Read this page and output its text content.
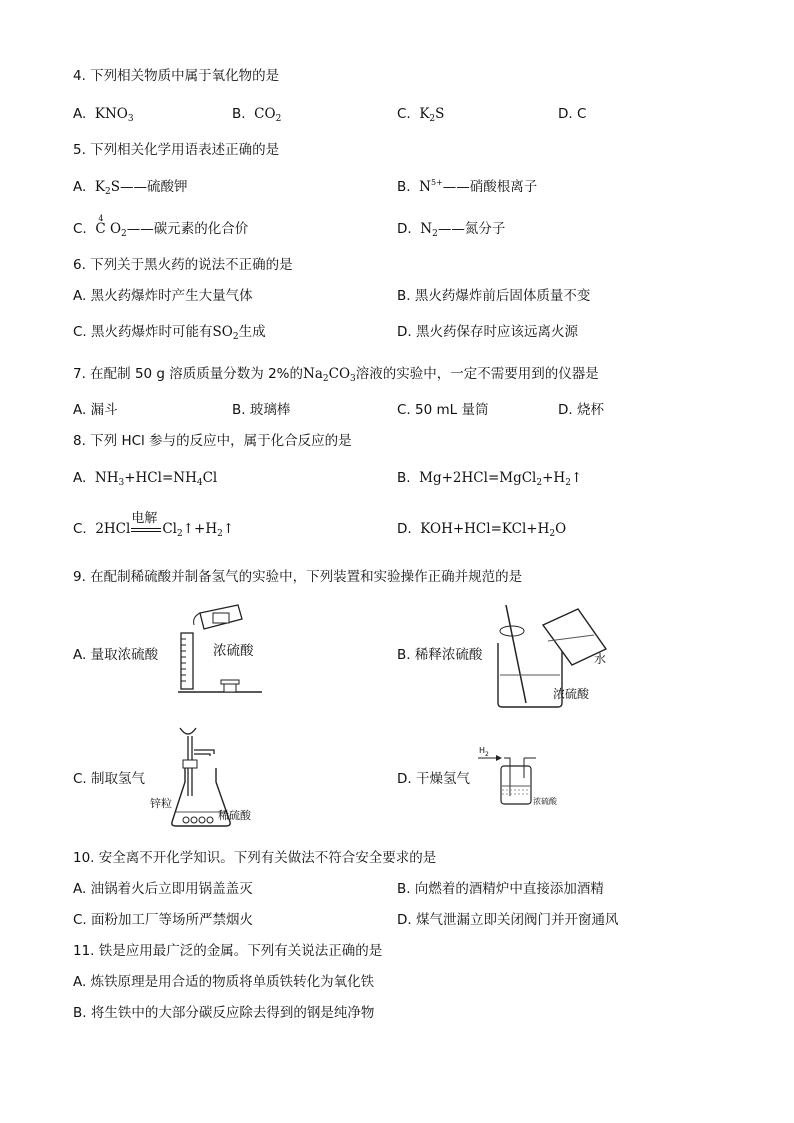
4. 下列相关物质中属于氧化物的是
A. $KNO_3$	B. $CO_2$	C. $K_2S$	D. C
5. 下列相关化学用语表述正确的是
A. $K_2S——$硫酸钾	B. $N^{5+}——$硝酸根离子
C.
4
C $O_2——$碳元素的化合价	D. $N_2——$氮分子
6. 下列关于黑火药的说法不正确的是
A. 黑火药爆炸时产生大量气体	B. 黑火药爆炸前后固体质量不变
C. 黑火药爆炸时可能有$SO_2$生成	D. 黑火药保存时应该远离火源
7. 在配制 50 g 溶质质量分数为 2%的$Na_2CO_3$溶液的实验中，一定不需要用到的仪器是
A. 漏斗	B. 玻璃棒	C. 50 mL 量筒	D. 烧杯
8. 下列 HCl 参与的反应中，属于化合反应的是
A. $NH_3+HCl=NH_4Cl$	B. $Mg+2HCl=MgCl_2+H_2↑$
C. 2HCl
电解
$Cl_2↑+H_2↑$	D. $KOH+HCl=KCl+H_2O$
9. 在配制稀硫酸并制备氢气的实验中，下列装置和实验操作正确并规范的是
A. 量取浓硫酸	浓硫酸	B. 稀释浓硫酸	水
浓硫酸
C. 制取氢气
锌粒
稀硫酸
D. 干燥氢气
$H_2$
浓硫酸
10. 安全离不开化学知识。下列有关做法不符合安全要求的是
A. 油锅着火后立即用锅盖盖灭	B. 向燃着的酒精炉中直接添加酒精
C. 面粉加工厂等场所严禁烟火	D. 煤气泄漏立即关闭阀门并开窗通风
11. 铁是应用最广泛的金属。下列有关说法正确的是
A. 炼铁原理是用合适的物质将单质铁转化为氧化铁
B. 将生铁中的大部分碳反应除去得到的钢是纯净物
